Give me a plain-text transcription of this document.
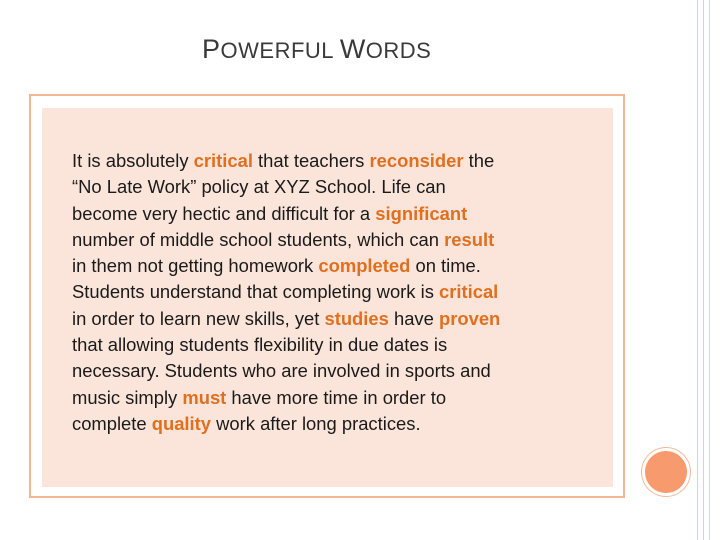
POWERFUL WORDS

It is absolutely critical that teachers reconsider the
“No Late Work” policy at XYZ School. Life can
become very hectic and difficult for a significant
number of middle school students, which can result
in them not getting homework completed on time.
Students understand that completing work is critical
in order to learn new skills, yet studies have proven
that allowing students flexibility in due dates is
necessary. Students who are involved in sports and
music simply must have more time in order to
complete quality work after long practices.
